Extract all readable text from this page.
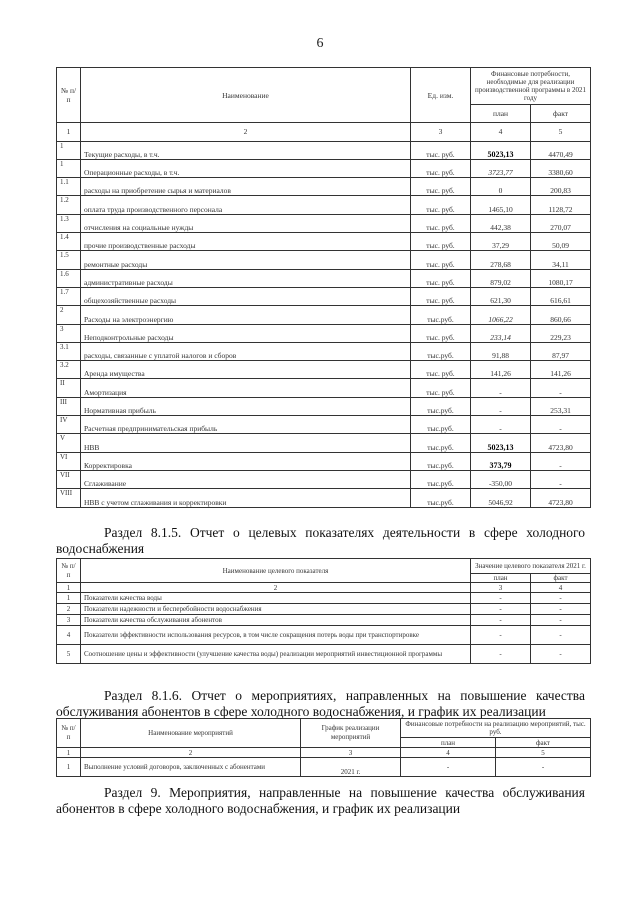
6
№ п/п	Наименование	Ед. изм.	Финансовые потребности, необходимые для реализации производственной программы в 2021 году	
			план	факт
1	2	3	4	5
1	Текущие расходы, в т.ч.	тыс. руб.	5023,13	4470,49
1	Операционные расходы, в т.ч.	тыс. руб.	3723,77	3380,60
1.1	расходы на приобретение сырья и материалов	тыс. руб.	0	200,83
1.2	оплата труда производственного персонала	тыс. руб.	1465,10	1128,72
1.3	отчисления на социальные нужды	тыс. руб.	442,38	270,07
1.4	прочие производственные расходы	тыс. руб.	37,29	50,09
1.5	ремонтные расходы	тыс. руб.	278,68	34,11
1.6	административные расходы	тыс. руб.	879,02	1080,17
1.7	общехозяйственные расходы	тыс. руб.	621,30	616,61
2	Расходы на электроэнергию	тыс.руб.	1066,22	860,66
3	Неподконтрольные расходы	тыс. руб.	233,14	229,23
3.1	расходы, связанные с уплатой налогов и сборов	тыс.руб.	91,88	87,97
3.2	Аренда имущества	тыс. руб.	141,26	141,26
II	Амортизация	тыс. руб.	-	-
III	Нормативная прибыль	тыс.руб.	-	253,31
IV	Расчетная предпринимательская прибыль	тыс.руб.	-	-
V	НВВ	тыс.руб.	5023,13	4723,80
VI	Корректировка	тыс.руб.	373,79	-
VII	Сглаживание	тыс.руб.	-350,00	-
VIII	НВВ с учетом сглаживания и корректировки	тыс.руб.	5046,92	4723,80
Раздел 8.1.5. Отчет о целевых показателях деятельности в сфере холодного водоснабжения
№ п/п	Наименование целевого показателя	Значение целевого показателя 2021 г.	
		план	факт
1	2	3	4
1	Показатели качества воды	-	-
2	Показатели надежности и бесперебойности водоснабжения	-	-
3	Показатели качества обслуживания абонентов	-	-
4	Показатели эффективности использования ресурсов, в том числе сокращения потерь воды при транспортировке	-	-
5	Соотношение цены и эффективности (улучшение качества воды) реализации мероприятий инвестиционной программы	-	-
Раздел 8.1.6. Отчет о мероприятиях, направленных на повышение качества обслуживания абонентов в сфере холодного водоснабжения, и график их реализации
№ п/п	Наименование мероприятий	График реализации мероприятий	Финансовые потребности на реализацию мероприятий, тыс. руб.	
			план	факт
1	2	3	4	5
1	Выполнение условий договоров, заключенных с абонентами	2021 г.	-	-
Раздел 9. Мероприятия, направленные на повышение качества обслуживания абонентов в сфере холодного водоснабжения, и график их реализации
